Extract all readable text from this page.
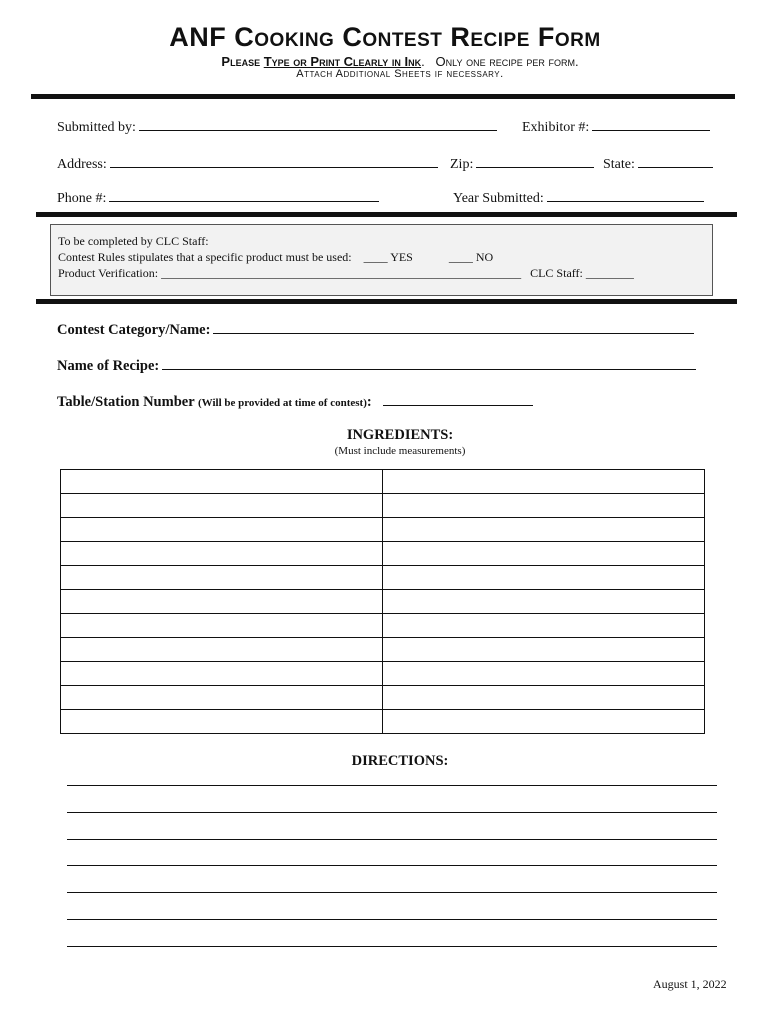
ANF Cooking Contest Recipe Form
Please Type or Print Clearly in Ink. Only one recipe per form.
Attach Additional Sheets if necessary.
Submitted by:	Exhibitor #:
Address:	Zip:	State:
Phone #:	Year Submitted:
To be completed by CLC Staff:
Contest Rules stipulates that a specific product must be used: ____ YES	____ NO
Product Verification: ____________________________________________________________ CLC Staff: ________
Contest Category/Name:
Name of Recipe:
Table/Station Number (Will be provided at time of contest):
INGREDIENTS:
(Must include measurements)

DIRECTIONS:
August 1, 2022
